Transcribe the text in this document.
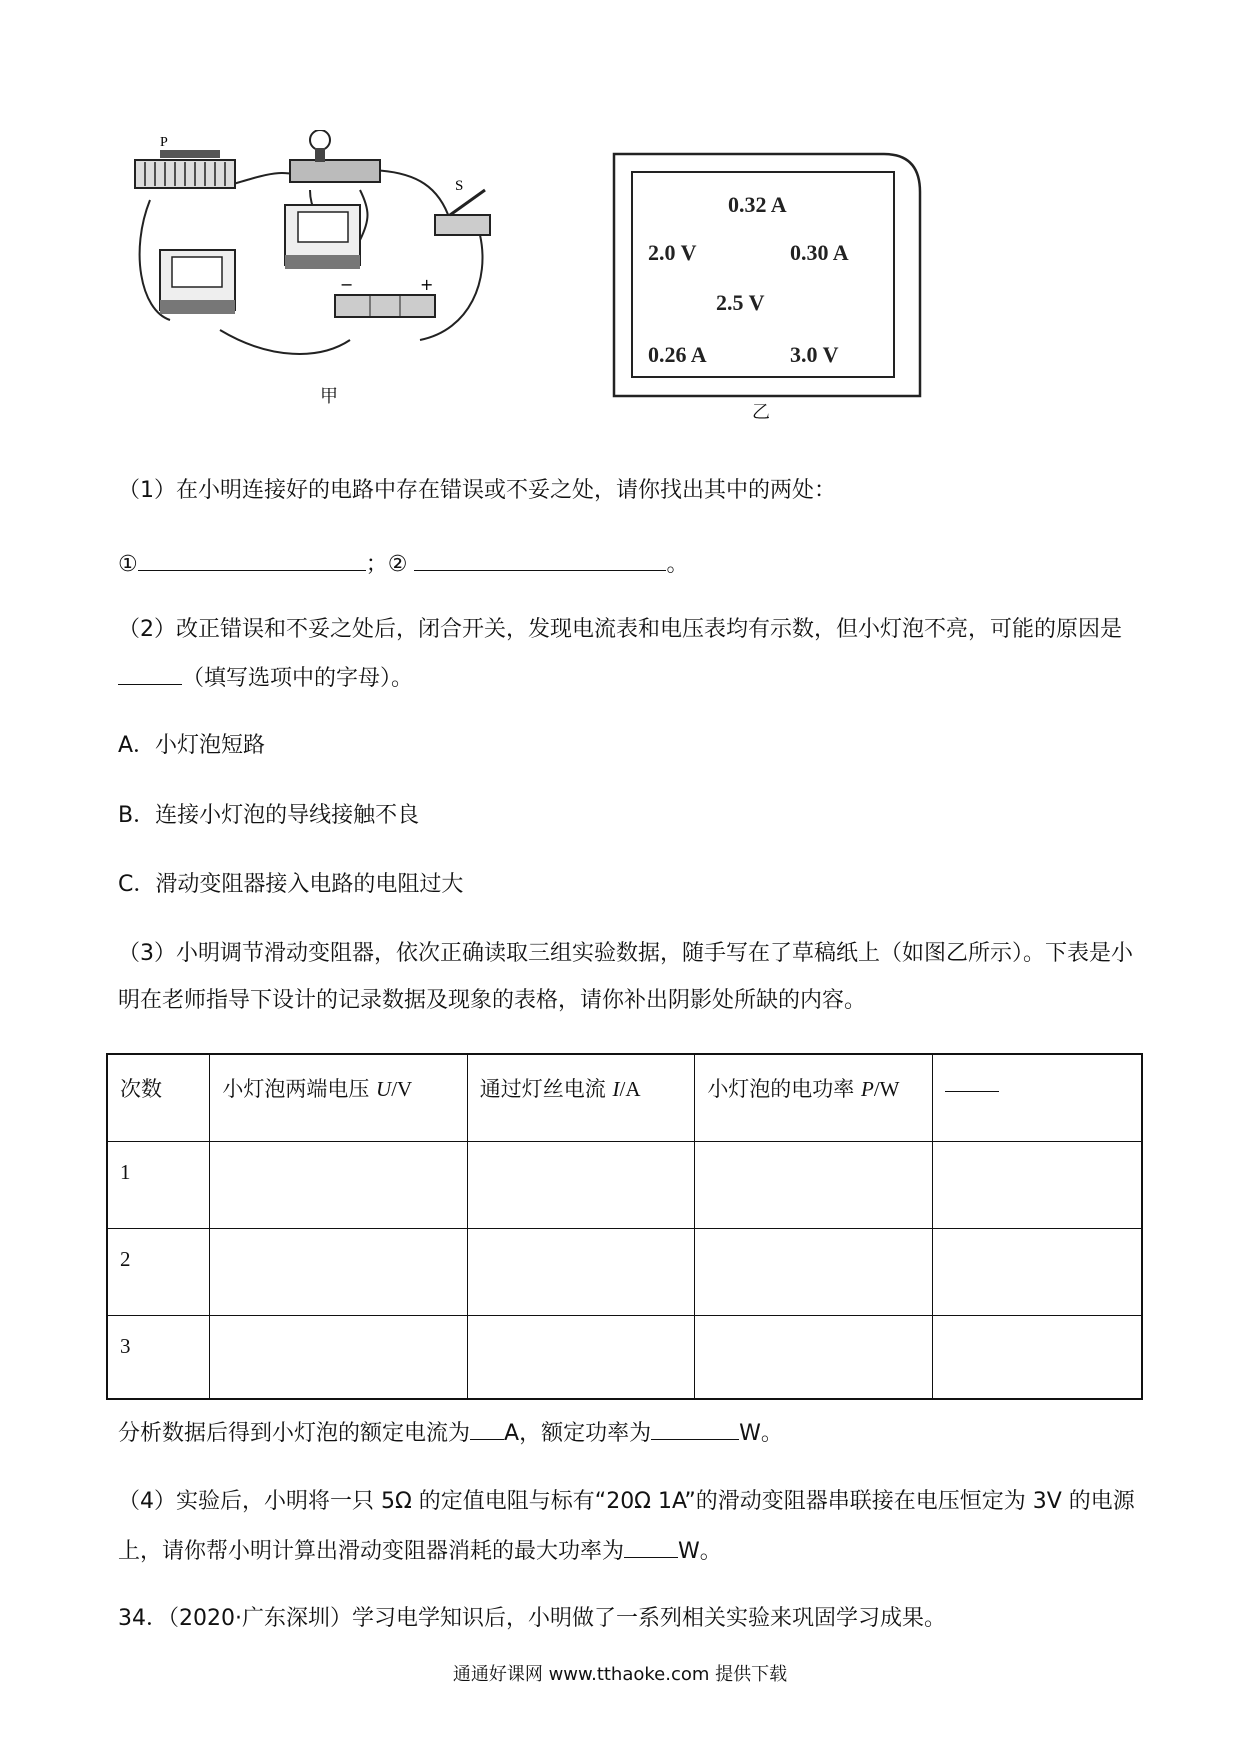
P
S
−	+
甲
0.32 A
2.0 V	0.30 A
2.5 V
0.26 A	3.0 V
乙
（1）在小明连接好的电路中存在错误或不妥之处，请你找出其中的两处：
①	；②	。
（2）改正错误和不妥之处后，闭合开关，发现电流表和电压表均有示数，但小灯泡不亮，可能的原因是
（填写选项中的字母）。
A．小灯泡短路
B．连接小灯泡的导线接触不良
C．滑动变阻器接入电路的电阻过大
（3）小明调节滑动变阻器，依次正确读取三组实验数据，随手写在了草稿纸上（如图乙所示）。下表是小
明在老师指导下设计的记录数据及现象的表格，请你补出阴影处所缺的内容。
次数	小灯泡两端电压 U/V	通过灯丝电流 I/A	小灯泡的电功率 P/W	
1				
2				
3				
分析数据后得到小灯泡的额定电流为 A，额定功率为	W。
（4）实验后，小明将一只 5Ω 的定值电阻与标有“20Ω 1A”的滑动变阻器串联接在电压恒定为 3V 的电源
上，请你帮小明计算出滑动变阻器消耗的最大功率为 W。
34．（2020·广东深圳）学习电学知识后，小明做了一系列相关实验来巩固学习成果。
通通好课网 www.tthaoke.com 提供下载
